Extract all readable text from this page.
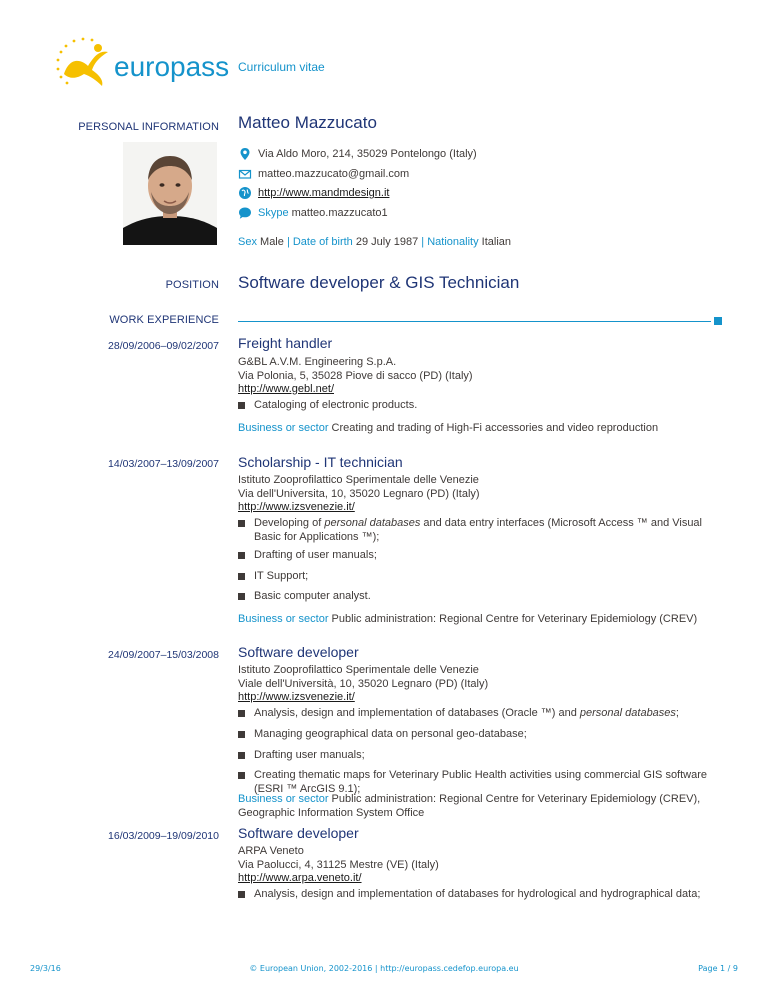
europass Curriculum vitae
PERSONAL INFORMATION Matteo Mazzucato
Via Aldo Moro, 214, 35029 Pontelongo (Italy)
matteo.mazzucato@gmail.com
http://www.mandmdesign.it
Skype
matteo.mazzucato1
Sex Male | Date of birth 29 July 1987 | Nationality Italian
POSITION Software developer & GIS Technician
WORK EXPERIENCE
28/09/2006–09/02/2007 Freight handler
G&BL A.V.M. Engineering S.p.A.
Via Polonia, 5, 35028 Piove di sacco (PD) (Italy)
http://www.gebl.net/
Cataloging of electronic products.
Business or sector Creating and trading of High-Fi accessories and video reproduction
14/03/2007–13/09/2007 Scholarship - IT technician
Istituto Zooprofilattico Sperimentale delle Venezie
Via dell'Universita, 10, 35020 Legnaro (PD) (Italy)
http://www.izsvenezie.it/
Developing of personal databases and data entry interfaces (Microsoft Access ™ and Visual Basic for Applications ™);
Drafting of user manuals;
IT Support;
Basic computer analyst.
Business or sector Public administration: Regional Centre for Veterinary Epidemiology (CREV)
24/09/2007–15/03/2008 Software developer
Istituto Zooprofilattico Sperimentale delle Venezie
Viale dell'Università, 10, 35020 Legnaro (PD) (Italy)
http://www.izsvenezie.it/
Analysis, design and implementation of databases (Oracle ™) and personal databases;
Managing geographical data on personal geo-database;
Drafting user manuals;
Creating thematic maps for Veterinary Public Health activities using commercial GIS software (ESRI ™ ArcGIS 9.1);
Business or sector Public administration: Regional Centre for Veterinary Epidemiology (CREV), Geographic Information System Office
16/03/2009–19/09/2010 Software developer
ARPA Veneto
Via Paolucci, 4, 31125 Mestre (VE) (Italy)
http://www.arpa.veneto.it/
Analysis, design and implementation of databases for hydrological and hydrographical data;
29/3/16	© European Union, 2002-2016 | http://europass.cedefop.europa.eu	Page 1 / 9
